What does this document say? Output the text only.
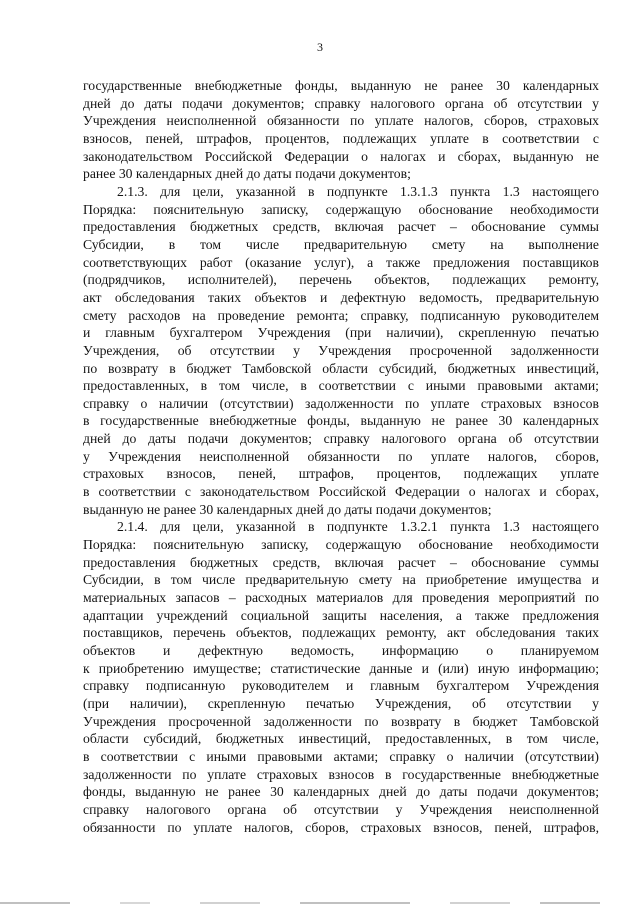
3
государственные внебюджетные фонды, выданную не ранее 30 календарных
дней до даты подачи документов; справку налогового органа об отсутствии у
Учреждения неисполненной обязанности по уплате налогов, сборов, страховых
взносов, пеней, штрафов, процентов, подлежащих уплате в соответствии с
законодательством Российской Федерации о налогах и сборах, выданную не
ранее 30 календарных дней до даты подачи документов;
2.1.3. для цели, указанной в подпункте 1.3.1.3 пункта 1.3 настоящего
Порядка: пояснительную записку, содержащую обоснование необходимости
предоставления бюджетных средств, включая расчет – обоснование суммы
Субсидии, в том числе предварительную смету на выполнение
соответствующих работ (оказание услуг), а также предложения поставщиков
(подрядчиков, исполнителей), перечень объектов, подлежащих ремонту,
акт обследования таких объектов и дефектную ведомость, предварительную
смету расходов на проведение ремонта; справку, подписанную руководителем
и главным бухгалтером Учреждения (при наличии), скрепленную печатью
Учреждения, об отсутствии у Учреждения просроченной задолженности
по возврату в бюджет Тамбовской области субсидий, бюджетных инвестиций,
предоставленных, в том числе, в соответствии с иными правовыми актами;
справку о наличии (отсутствии) задолженности по уплате страховых взносов
в государственные внебюджетные фонды, выданную не ранее 30 календарных
дней до даты подачи документов; справку налогового органа об отсутствии
у Учреждения неисполненной обязанности по уплате налогов, сборов,
страховых взносов, пеней, штрафов, процентов, подлежащих уплате
в соответствии с законодательством Российской Федерации о налогах и сборах,
выданную не ранее 30 календарных дней до даты подачи документов;
2.1.4. для цели, указанной в подпункте 1.3.2.1 пункта 1.3 настоящего
Порядка: пояснительную записку, содержащую обоснование необходимости
предоставления бюджетных средств, включая расчет – обоснование суммы
Субсидии, в том числе предварительную смету на приобретение имущества и
материальных запасов – расходных материалов для проведения мероприятий по
адаптации учреждений социальной защиты населения, а также предложения
поставщиков, перечень объектов, подлежащих ремонту, акт обследования таких
объектов и дефектную ведомость, информацию о планируемом
к приобретению имуществе; статистические данные и (или) иную информацию;
справку подписанную руководителем и главным бухгалтером Учреждения
(при наличии), скрепленную печатью Учреждения, об отсутствии у
Учреждения просроченной задолженности по возврату в бюджет Тамбовской
области субсидий, бюджетных инвестиций, предоставленных, в том числе,
в соответствии с иными правовыми актами; справку о наличии (отсутствии)
задолженности по уплате страховых взносов в государственные внебюджетные
фонды, выданную не ранее 30 календарных дней до даты подачи документов;
справку налогового органа об отсутствии у Учреждения неисполненной
обязанности по уплате налогов, сборов, страховых взносов, пеней, штрафов,
